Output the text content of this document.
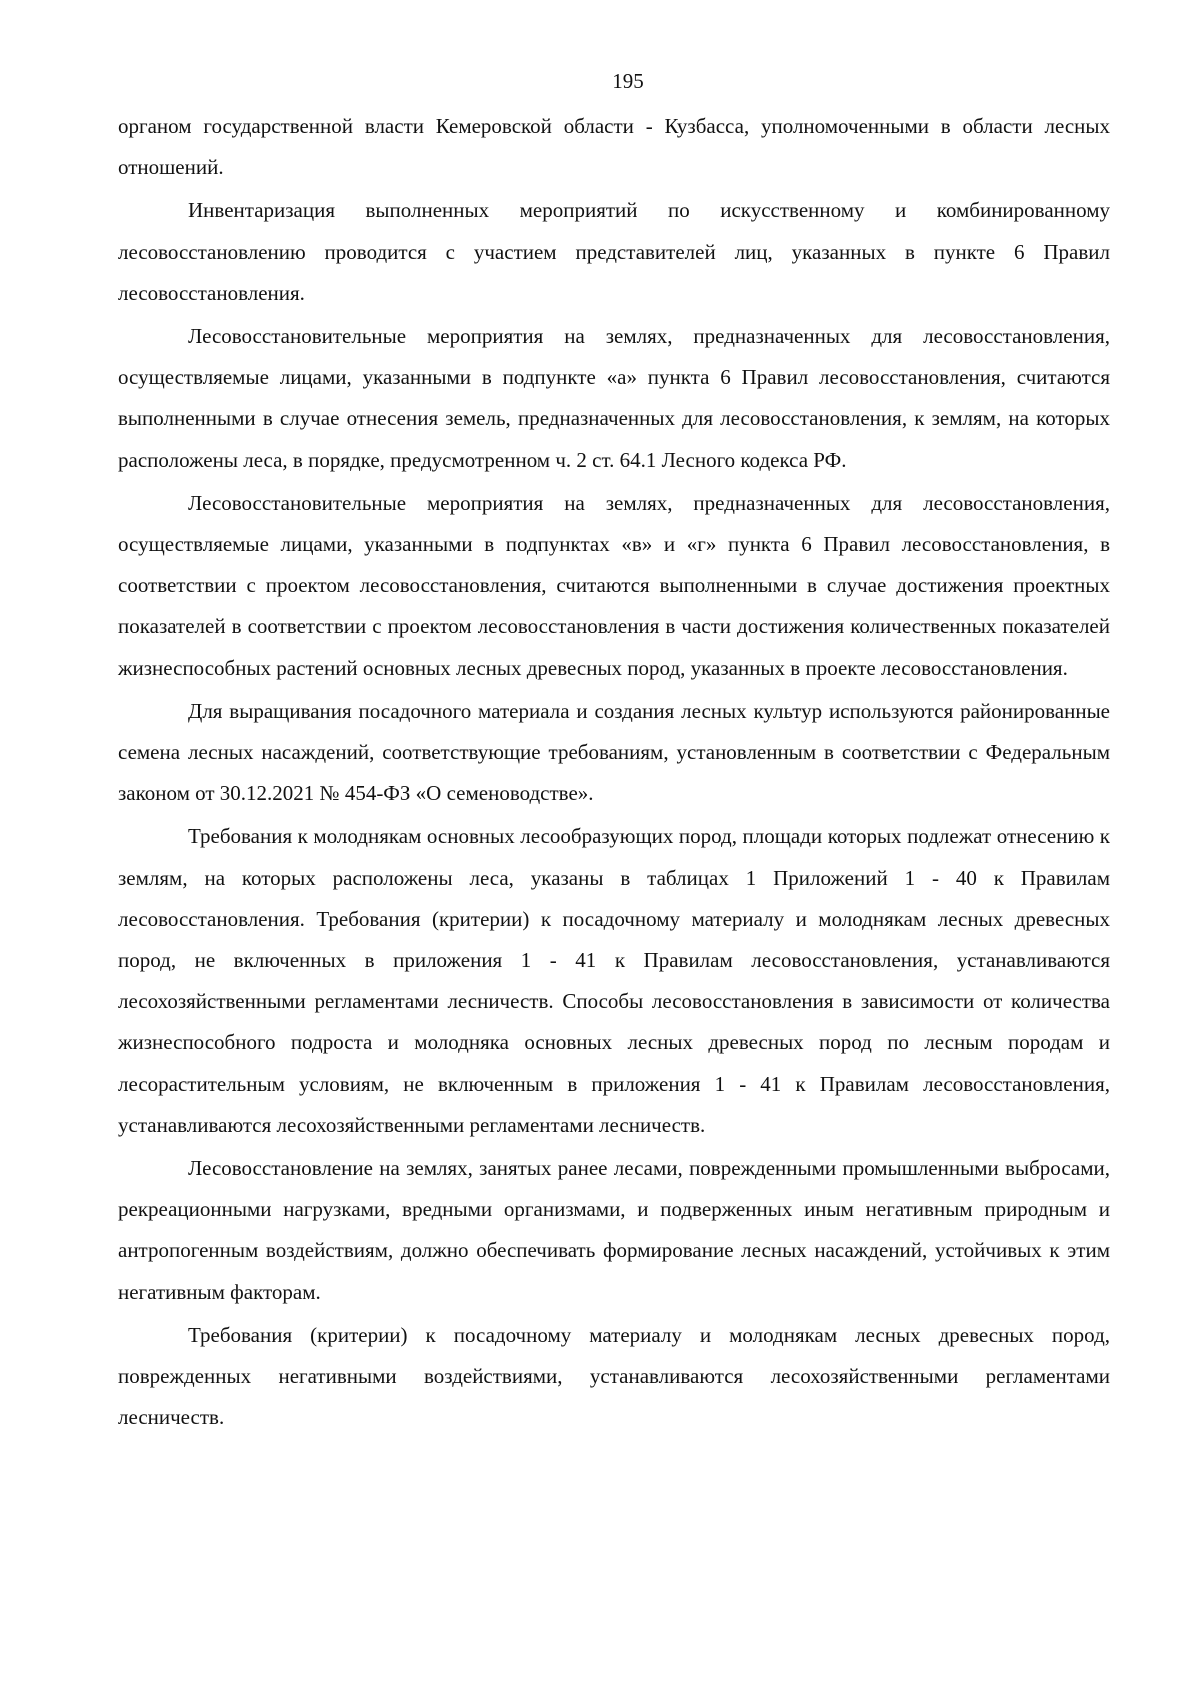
195

органом государственной власти Кемеровской области - Кузбасса, уполномоченными в области лесных отношений.

Инвентаризация выполненных мероприятий по искусственному и комбинированному лесовосстановлению проводится с участием представителей лиц, указанных в пункте 6 Правил лесовосстановления.

Лесовосстановительные мероприятия на землях, предназначенных для лесовосстановления, осуществляемые лицами, указанными в подпункте «а» пункта 6 Правил лесовосстановления, считаются выполненными в случае отнесения земель, предназначенных для лесовосстановления, к землям, на которых расположены леса, в порядке, предусмотренном ч. 2 ст. 64.1 Лесного кодекса РФ.

Лесовосстановительные мероприятия на землях, предназначенных для лесовосстановления, осуществляемые лицами, указанными в подпунктах «в» и «г» пункта 6 Правил лесовосстановления, в соответствии с проектом лесовосстановления, считаются выполненными в случае достижения проектных показателей в соответствии с проектом лесовосстановления в части достижения количественных показателей жизнеспособных растений основных лесных древесных пород, указанных в проекте лесовосстановления.

Для выращивания посадочного материала и создания лесных культур используются районированные семена лесных насаждений, соответствующие требованиям, установленным в соответствии с Федеральным законом от 30.12.2021 № 454-ФЗ «О семеноводстве».

Требования к молоднякам основных лесообразующих пород, площади которых подлежат отнесению к землям, на которых расположены леса, указаны в таблицах 1 Приложений 1 - 40 к Правилам лесовосстановления. Требования (критерии) к посадочному материалу и молоднякам лесных древесных пород, не включенных в приложения 1 - 41 к Правилам лесовосстановления, устанавливаются лесохозяйственными регламентами лесничеств. Способы лесовосстановления в зависимости от количества жизнеспособного подроста и молодняка основных лесных древесных пород по лесным породам и лесорастительным условиям, не включенным в приложения 1 - 41 к Правилам лесовосстановления, устанавливаются лесохозяйственными регламентами лесничеств.

Лесовосстановление на землях, занятых ранее лесами, поврежденными промышленными выбросами, рекреационными нагрузками, вредными организмами, и подверженных иным негативным природным и антропогенным воздействиям, должно обеспечивать формирование лесных насаждений, устойчивых к этим негативным факторам.

Требования (критерии) к посадочному материалу и молоднякам лесных древесных пород, поврежденных негативными воздействиями, устанавливаются лесохозяйственными регламентами лесничеств.
